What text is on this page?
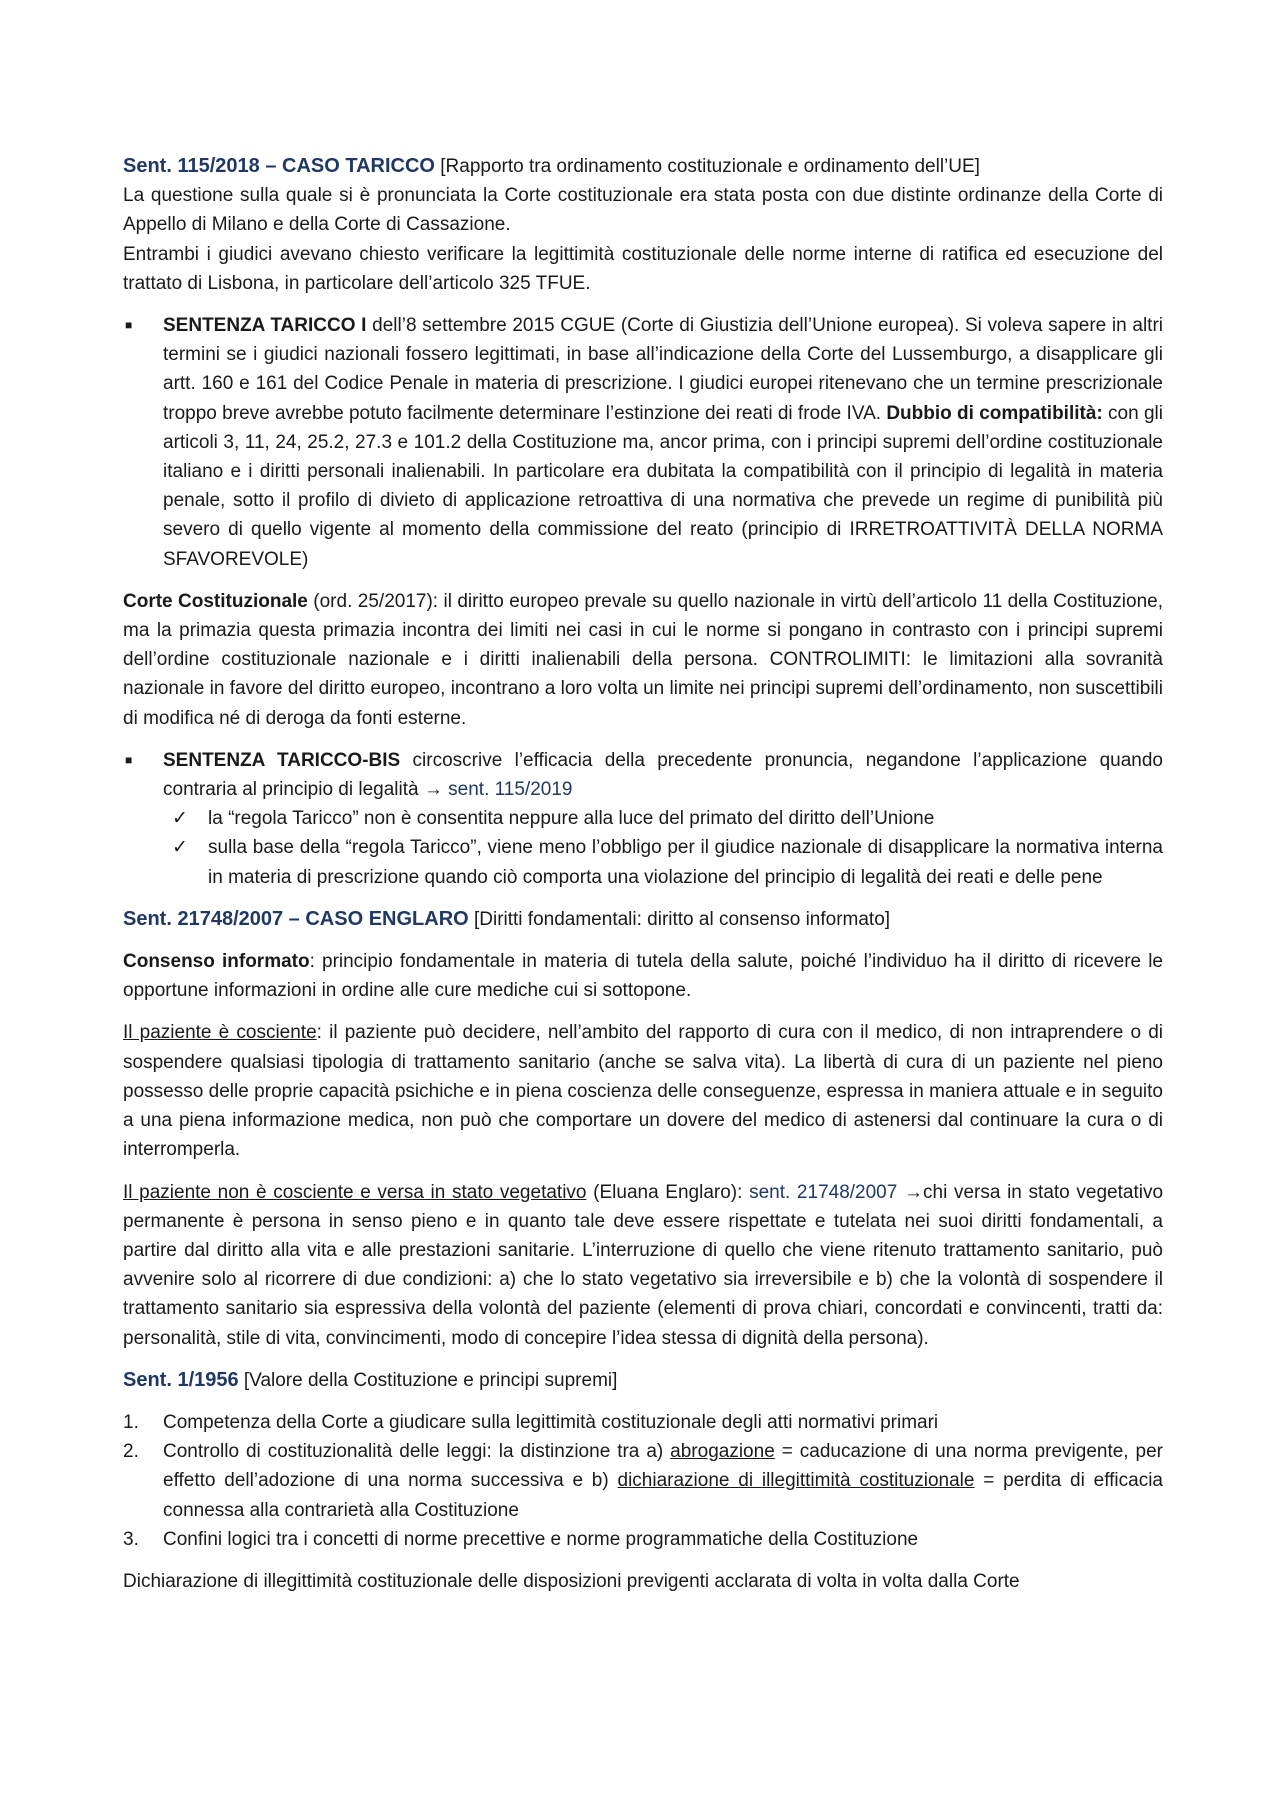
Sent. 115/2018 – CASO TARICCO [Rapporto tra ordinamento costituzionale e ordinamento dell’UE]
La questione sulla quale si è pronunciata la Corte costituzionale era stata posta con due distinte ordinanze della Corte di Appello di Milano e della Corte di Cassazione.
Entrambi i giudici avevano chiesto verificare la legittimità costituzionale delle norme interne di ratifica ed esecuzione del trattato di Lisbona, in particolare dell’articolo 325 TFUE.
■ SENTENZA TARICCO I dell’8 settembre 2015 CGUE (Corte di Giustizia dell’Unione europea). Si voleva sapere in altri termini se i giudici nazionali fossero legittimati, in base all’indicazione della Corte del Lussemburgo, a disapplicare gli artt. 160 e 161 del Codice Penale in materia di prescrizione. I giudici europei ritenevano che un termine prescrizionale troppo breve avrebbe potuto facilmente determinare l’estinzione dei reati di frode IVA. Dubbio di compatibilità: con gli articoli 3, 11, 24, 25.2, 27.3 e 101.2 della Costituzione ma, ancor prima, con i principi supremi dell’ordine costituzionale italiano e i diritti personali inalienabili. In particolare era dubitata la compatibilità con il principio di legalità in materia penale, sotto il profilo di divieto di applicazione retroattiva di una normativa che prevede un regime di punibilità più severo di quello vigente al momento della commissione del reato (principio di IRRETROATTIVITÀ DELLA NORMA SFAVOREVOLE)
Corte Costituzionale (ord. 25/2017): il diritto europeo prevale su quello nazionale in virtù dell’articolo 11 della Costituzione, ma la primazia questa primazia incontra dei limiti nei casi in cui le norme si pongano in contrasto con i principi supremi dell’ordine costituzionale nazionale e i diritti inalienabili della persona. CONTROLIMITI: le limitazioni alla sovranità nazionale in favore del diritto europeo, incontrano a loro volta un limite nei principi supremi dell’ordinamento, non suscettibili di modifica né di deroga da fonti esterne.
■ SENTENZA TARICCO-BIS circoscrive l’efficacia della precedente pronuncia, negandone l’applicazione quando contraria al principio di legalità → sent. 115/2019
✓ la “regola Taricco” non è consentita neppure alla luce del primato del diritto dell’Unione
✓ sulla base della “regola Taricco”, viene meno l’obbligo per il giudice nazionale di disapplicare la normativa interna in materia di prescrizione quando ciò comporta una violazione del principio di legalità dei reati e delle pene
Sent. 21748/2007 – CASO ENGLARO [Diritti fondamentali: diritto al consenso informato]
Consenso informato: principio fondamentale in materia di tutela della salute, poiché l’individuo ha il diritto di ricevere le opportune informazioni in ordine alle cure mediche cui si sottopone.
Il paziente è cosciente: il paziente può decidere, nell’ambito del rapporto di cura con il medico, di non intraprendere o di sospendere qualsiasi tipologia di trattamento sanitario (anche se salva vita). La libertà di cura di un paziente nel pieno possesso delle proprie capacità psichiche e in piena coscienza delle conseguenze, espressa in maniera attuale e in seguito a una piena informazione medica, non può che comportare un dovere del medico di astenersi dal continuare la cura o di interromperla.
Il paziente non è cosciente e versa in stato vegetativo (Eluana Englaro): sent. 21748/2007 →chi versa in stato vegetativo permanente è persona in senso pieno e in quanto tale deve essere rispettate e tutelata nei suoi diritti fondamentali, a partire dal diritto alla vita e alle prestazioni sanitarie. L’interruzione di quello che viene ritenuto trattamento sanitario, può avvenire solo al ricorrere di due condizioni: a) che lo stato vegetativo sia irreversibile e b) che la volontà di sospendere il trattamento sanitario sia espressiva della volontà del paziente (elementi di prova chiari, concordati e convincenti, tratti da: personalità, stile di vita, convincimenti, modo di concepire l’idea stessa di dignità della persona).
Sent. 1/1956 [Valore della Costituzione e principi supremi]
1. Competenza della Corte a giudicare sulla legittimità costituzionale degli atti normativi primari
2. Controllo di costituzionalità delle leggi: la distinzione tra a) abrogazione = caducazione di una norma previgente, per effetto dell’adozione di una norma successiva e b) dichiarazione di illegittimità costituzionale = perdita di efficacia connessa alla contrarietà alla Costituzione
3. Confini logici tra i concetti di norme precettive e norme programmatiche della Costituzione
Dichiarazione di illegittimità costituzionale delle disposizioni previgenti acclarata di volta in volta dalla Corte
